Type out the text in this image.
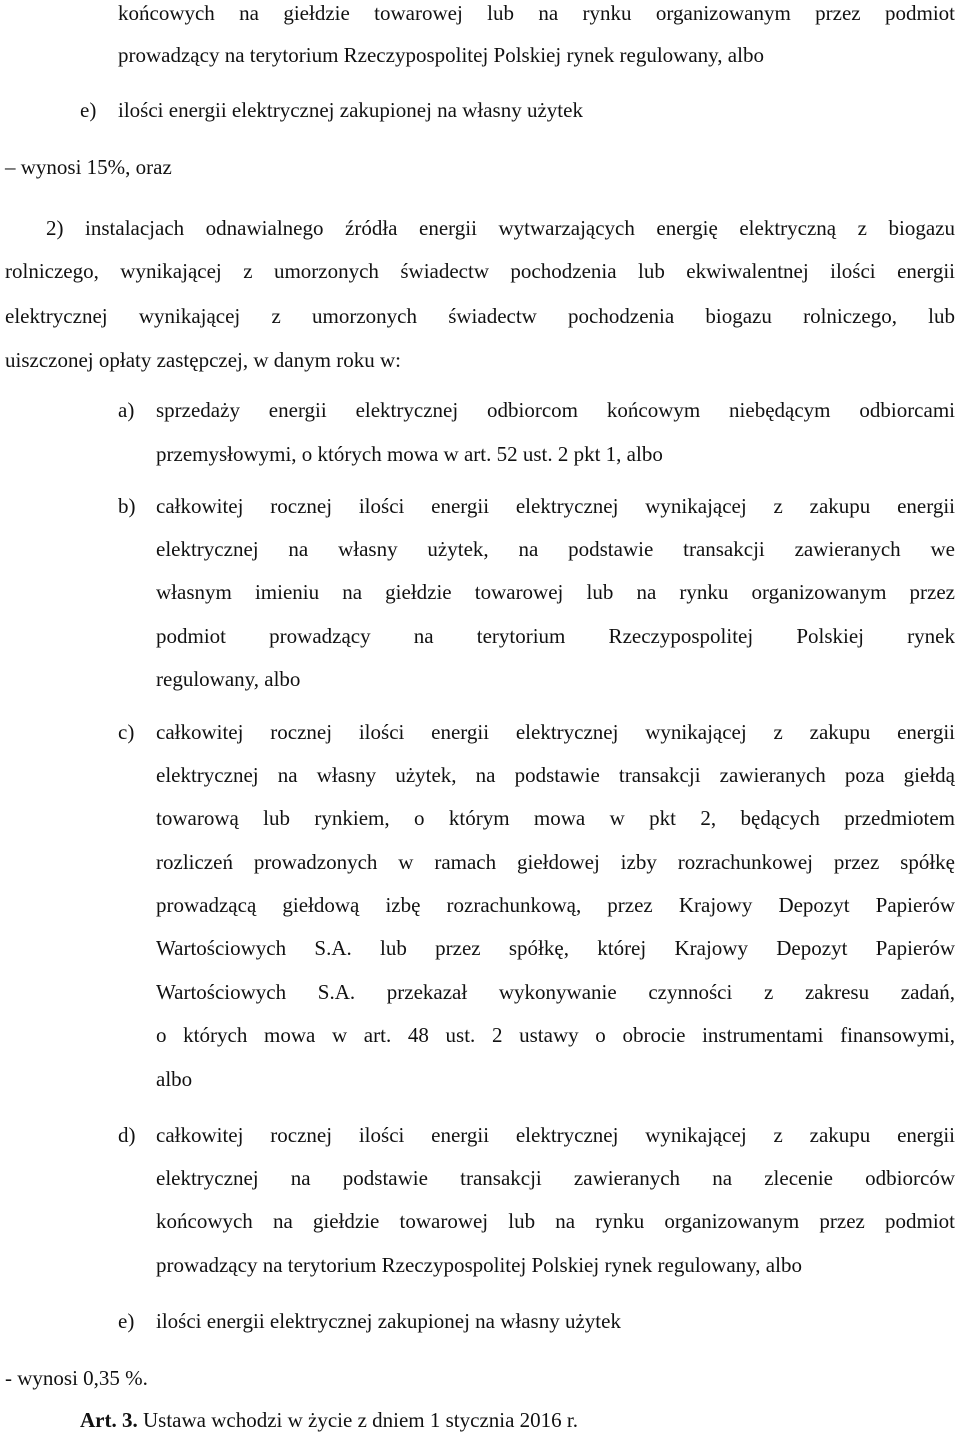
końcowych na giełdzie towarowej lub na rynku organizowanym przez podmiot
prowadzący na terytorium Rzeczypospolitej Polskiej rynek regulowany, albo
e) ilości energii elektrycznej zakupionej na własny użytek
– wynosi 15%, oraz
2) instalacjach odnawialnego źródła energii wytwarzających energię elektryczną z biogazu
rolniczego, wynikającej z umorzonych świadectw pochodzenia lub ekwiwalentnej ilości energii
elektrycznej wynikającej z umorzonych świadectw pochodzenia biogazu rolniczego, lub
uiszczonej opłaty zastępczej, w danym roku w:
a) sprzedaży energii elektrycznej odbiorcom końcowym niebędącym odbiorcami
przemysłowymi, o których mowa w art. 52 ust. 2 pkt 1, albo
b) całkowitej rocznej ilości energii elektrycznej wynikającej z zakupu energii
elektrycznej na własny użytek, na podstawie transakcji zawieranych we
własnym imieniu na giełdzie towarowej lub na rynku organizowanym przez
podmiot prowadzący na terytorium Rzeczypospolitej Polskiej rynek
regulowany, albo
c) całkowitej rocznej ilości energii elektrycznej wynikającej z zakupu energii
elektrycznej na własny użytek, na podstawie transakcji zawieranych poza giełdą
towarową lub rynkiem, o którym mowa w pkt 2, będących przedmiotem
rozliczeń prowadzonych w ramach giełdowej izby rozrachunkowej przez spółkę
prowadzącą giełdową izbę rozrachunkową, przez Krajowy Depozyt Papierów
Wartościowych S.A. lub przez spółkę, której Krajowy Depozyt Papierów
Wartościowych S.A. przekazał wykonywanie czynności z zakresu zadań,
o których mowa w art. 48 ust. 2 ustawy o obrocie instrumentami finansowymi,
albo
d) całkowitej rocznej ilości energii elektrycznej wynikającej z zakupu energii
elektrycznej na podstawie transakcji zawieranych na zlecenie odbiorców
końcowych na giełdzie towarowej lub na rynku organizowanym przez podmiot
prowadzący na terytorium Rzeczypospolitej Polskiej rynek regulowany, albo
e) ilości energii elektrycznej zakupionej na własny użytek
- wynosi 0,35 %.
Art. 3. Ustawa wchodzi w życie z dniem 1 stycznia 2016 r.
